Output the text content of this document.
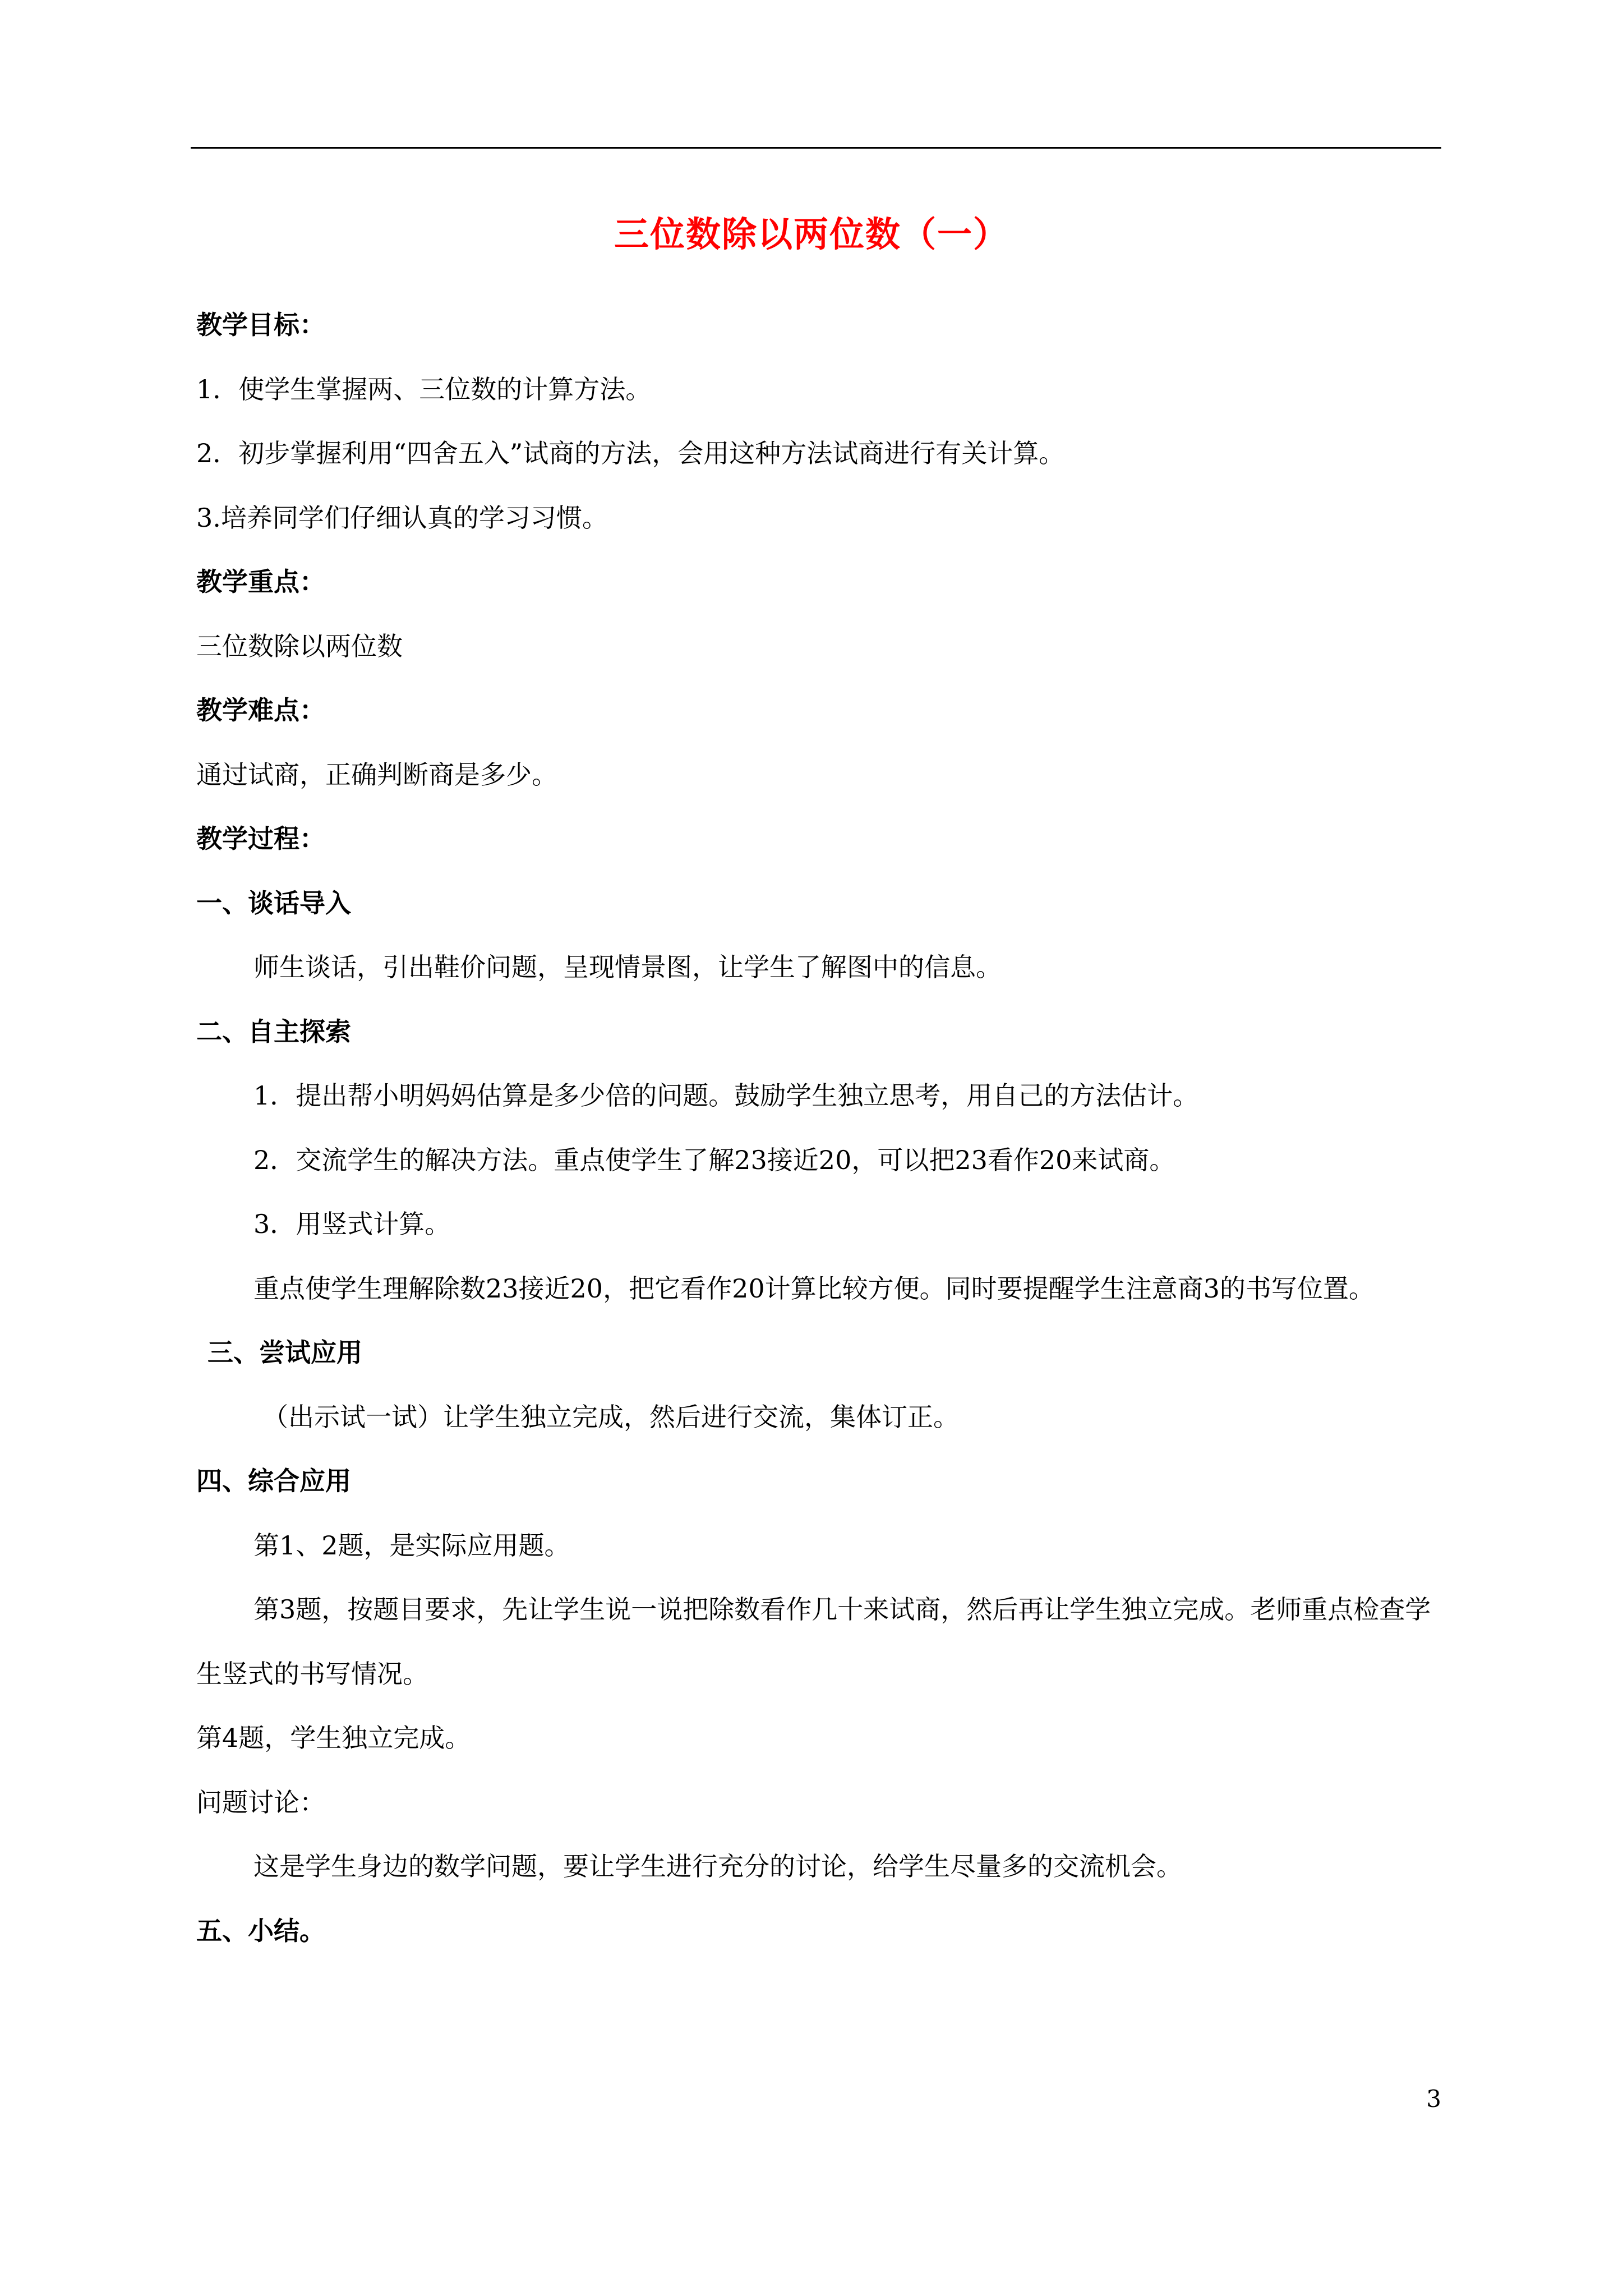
三位数除以两位数（一）
教学目标：
1．使学生掌握两、三位数的计算方法。
2．初步掌握利用“四舍五入”试商的方法，会用这种方法试商进行有关计算。
3.培养同学们仔细认真的学习习惯。
教学重点：
三位数除以两位数
教学难点：
通过试商，正确判断商是多少。
教学过程：
一、谈话导入
师生谈话，引出鞋价问题，呈现情景图，让学生了解图中的信息。
二、自主探索
1．提出帮小明妈妈估算是多少倍的问题。鼓励学生独立思考，用自己的方法估计。
2．交流学生的解决方法。重点使学生了解23接近20，可以把23看作20来试商。
3．用竖式计算。
重点使学生理解除数23接近20，把它看作20计算比较方便。同时要提醒学生注意商3的书写位置。
三、尝试应用
（出示试一试）让学生独立完成，然后进行交流，集体订正。
四、综合应用
第1、2题，是实际应用题。
第3题，按题目要求，先让学生说一说把除数看作几十来试商，然后再让学生独立完成。老师重点检查学生竖式的书写情况。
第4题，学生独立完成。
问题讨论：
这是学生身边的数学问题，要让学生进行充分的讨论，给学生尽量多的交流机会。
五、小结。
3
